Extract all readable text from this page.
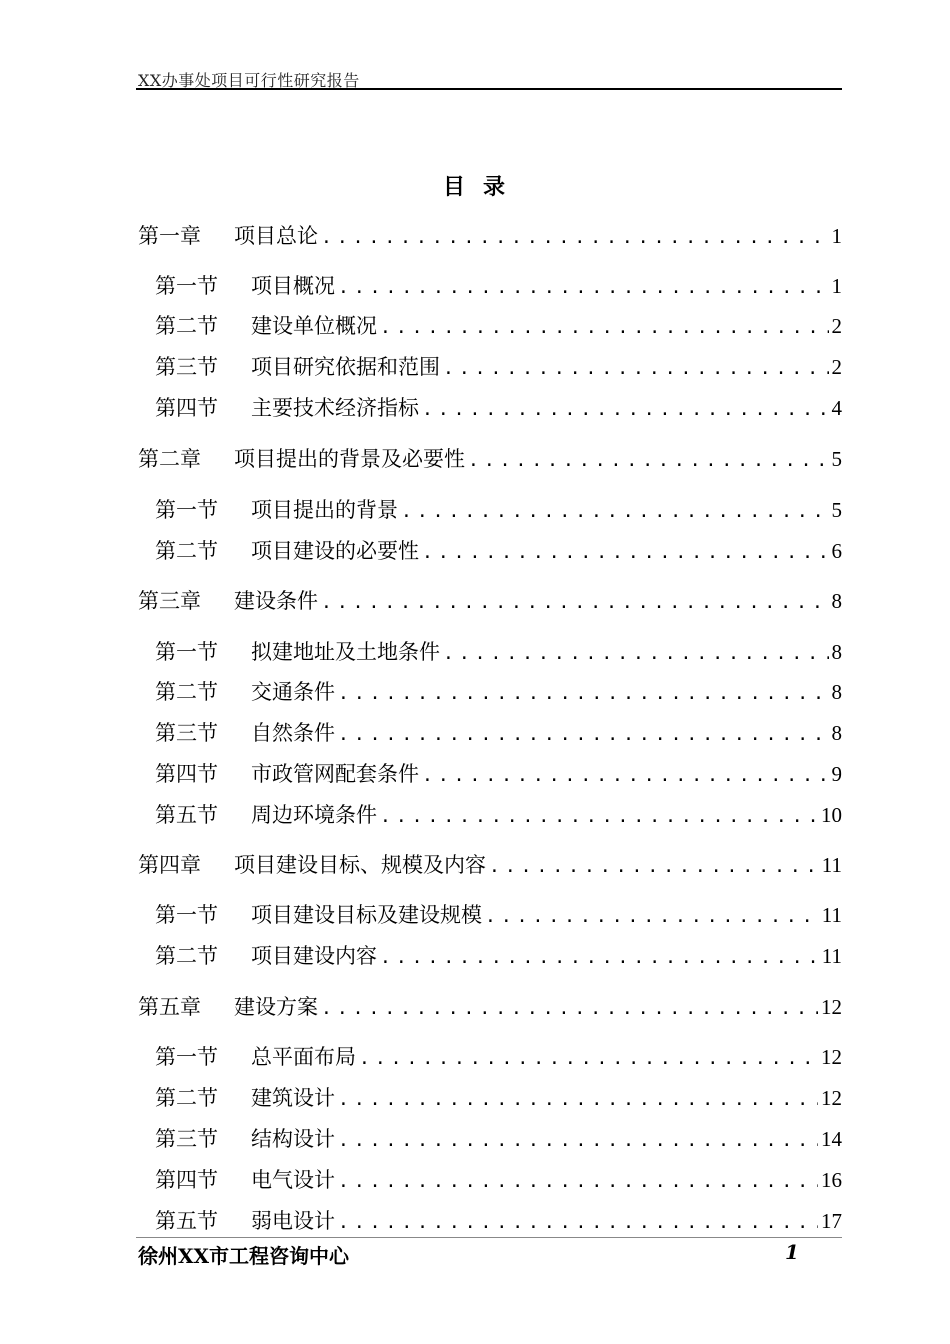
XX办事处项目可行性研究报告
目 录
第一章	项目总论 .....	1
第一节	项目概况 .....	1
第二节	建设单位概况 .....	2
第三节	项目研究依据和范围 .....	2
第四节	主要技术经济指标 .....	4
第二章	项目提出的背景及必要性 .....	5
第一节	项目提出的背景 .....	5
第二节	项目建设的必要性 .....	6
第三章	建设条件 .....	8
第一节	拟建地址及土地条件 .....	8
第二节	交通条件 .....	8
第三节	自然条件 .....	8
第四节	市政管网配套条件 .....	9
第五节	周边环境条件 .....	10
第四章	项目建设目标、规模及内容 .....	11
第一节	项目建设目标及建设规模 .....	11
第二节	项目建设内容 .....	11
第五章	建设方案 .....	12
第一节	总平面布局 .....	12
第二节	建筑设计 .....	12
第三节	结构设计 .....	14
第四节	电气设计 .....	16
第五节	弱电设计 .....	17
徐州XX市工程咨询中心	1
